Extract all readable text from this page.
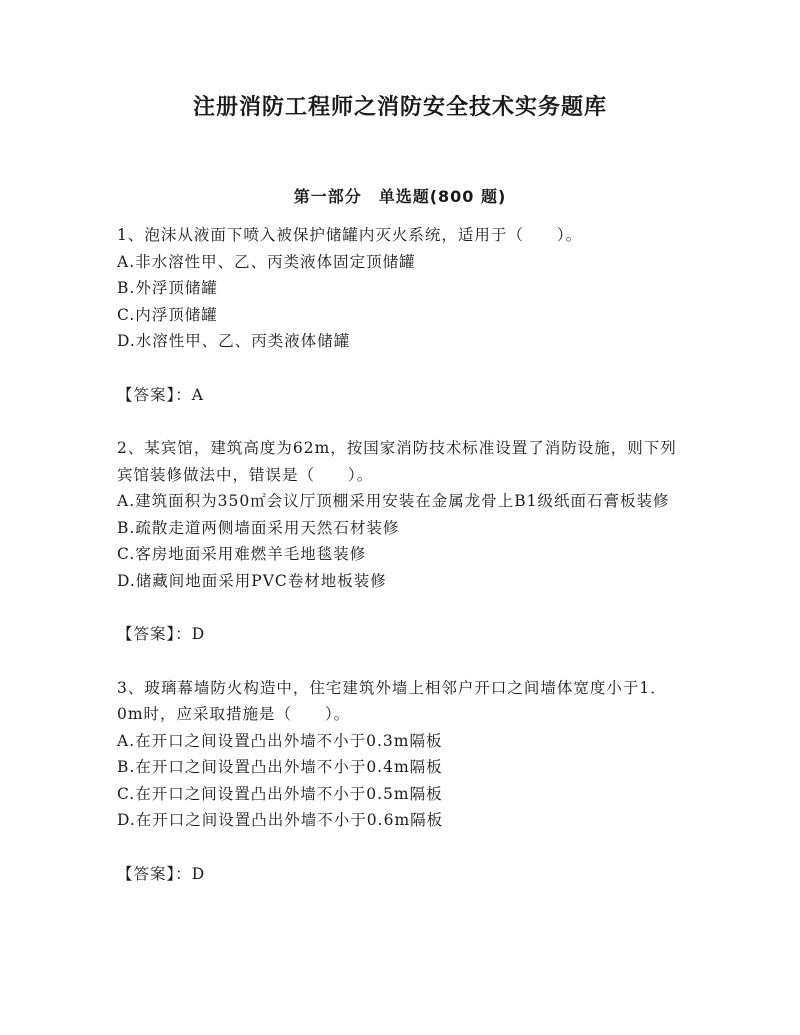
注册消防工程师之消防安全技术实务题库
第一部分　单选题(800 题)

1、泡沫从液面下喷入被保护储罐内灭火系统，适用于（　　）。

A.非水溶性甲、乙、丙类液体固定顶储罐

B.外浮顶储罐

C.内浮顶储罐

D.水溶性甲、乙、丙类液体储罐

【答案】：A

2、某宾馆，建筑高度为62m，按国家消防技术标准设置了消防设施，则下列宾馆装修做法中，错误是（　　）。

A.建筑面积为350㎡会议厅顶棚采用安装在金属龙骨上B1级纸面石膏板装修

B.疏散走道两侧墙面采用天然石材装修

C.客房地面采用难燃羊毛地毯装修

D.储藏间地面采用PVC卷材地板装修

【答案】：D

3、玻璃幕墙防火构造中，住宅建筑外墙上相邻户开口之间墙体宽度小于1．0m时，应采取措施是（　　）。

A.在开口之间设置凸出外墙不小于0.3m隔板

B.在开口之间设置凸出外墙不小于0.4m隔板

C.在开口之间设置凸出外墙不小于0.5m隔板

D.在开口之间设置凸出外墙不小于0.6m隔板

【答案】：D
